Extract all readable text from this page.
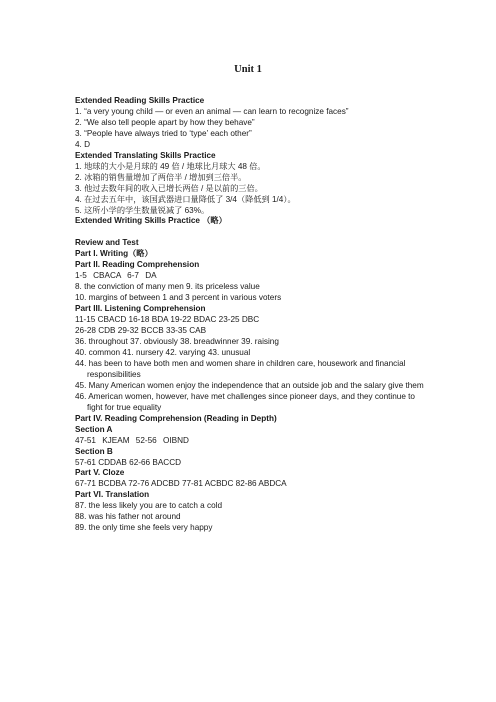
Unit 1
Extended Reading Skills Practice
1. “a very young child — or even an animal — can learn to recognize faces”
2. “We also tell people apart by how they behave”
3. “People have always tried to ‘type’ each other”
4. D
Extended Translating Skills Practice
1. 地球的大小是月球的 49 倍 / 地球比月球大 48 倍。
2. 冰箱的销售量增加了两倍半 / 增加到三倍半。
3. 他过去数年间的收入已增长两倍 / 是以前的三倍。
4. 在过去五年中，该国武器进口量降低了 3/4（降低到 1/4）。
5. 这所小学的学生数量锐减了 63%。
Extended Writing Skills Practice （略）
Review and Test
Part I. Writing（略）
Part II. Reading Comprehension
1-5 CBACA 6-7 DA
8. the conviction of many men 9. its priceless value
10. margins of between 1 and 3 percent in various voters
Part III. Listening Comprehension
11-15 CBACD 16-18 BDA 19-22 BDAC 23-25 DBC
26-28 CDB 29-32 BCCB 33-35 CAB
36. throughout 37. obviously 38. breadwinner 39. raising
40. common 41. nursery 42. varying 43. unusual
44. has been to have both men and women share in children care, housework and financial responsibilities
45. Many American women enjoy the independence that an outside job and the salary give them
46. American women, however, have met challenges since pioneer days, and they continue to fight for true equality
Part IV. Reading Comprehension (Reading in Depth)
Section A
47-51 KJEAM 52-56 OIBND
Section B
57-61 CDDAB 62-66 BACCD
Part V. Cloze
67-71 BCDBA 72-76 ADCBD 77-81 ACBDC 82-86 ABDCA
Part VI. Translation
87. the less likely you are to catch a cold
88. was his father not around
89. the only time she feels very happy
